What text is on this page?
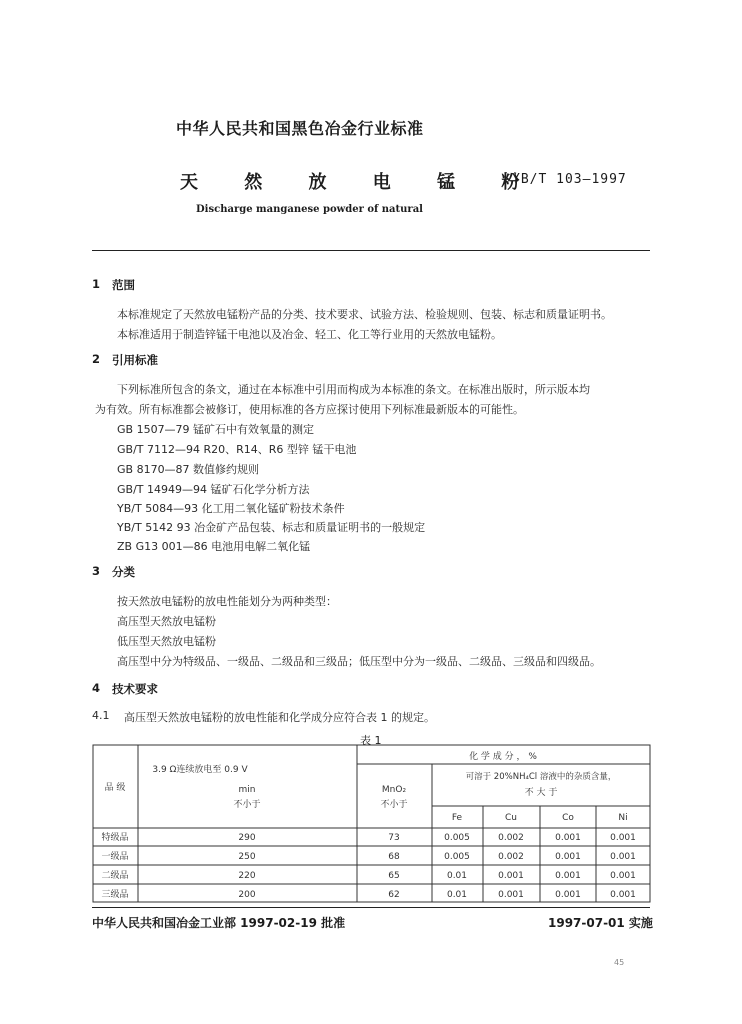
中华人民共和国黑色冶金行业标准
天 然 放 电 锰 粉
YB/T 103—1997
Discharge manganese powder of natural
1 范围
本标准规定了天然放电锰粉产品的分类、技术要求、试验方法、检验规则、包装、标志和质量证明书。
本标准适用于制造锌锰干电池以及冶金、轻工、化工等行业用的天然放电锰粉。
2 引用标准
下列标准所包含的条文，通过在本标准中引用而构成为本标准的条文。在标准出版时，所示版本均
为有效。所有标准都会被修订，使用标准的各方应探讨使用下列标准最新版本的可能性。
GB 1507—79 锰矿石中有效氧量的测定
GB/T 7112—94 R20、R14、R6 型锌 锰干电池
GB 8170—87 数值修约规则
GB/T 14949—94 锰矿石化学分析方法
YB/T 5084—93 化工用二氧化锰矿粉技术条件
YB/T 5142 93 冶金矿产品包装、标志和质量证明书的一般规定
ZB G13 001—86 电池用电解二氧化锰
3 分类
按天然放电锰粉的放电性能划分为两种类型：
高压型天然放电锰粉
低压型天然放电锰粉
高压型中分为特级品、一级品、二级品和三级品；低压型中分为一级品、二级品、三级品和四级品。
4 技术要求
4.1 高压型天然放电锰粉的放电性能和化学成分应符合表 1 的规定。
表 1
品 级
3.9 Ω连续放电至 0.9 V
min
不小于
化 学 成 分 ， %
MnO₂
不小于
可溶于 20%NH₄Cl 溶液中的杂质含量，
不 大 于
Fe	Cu	Co	Ni
特级品	290	73	0.005	0.002	0.001	0.001
一级品	250	68	0.005	0.002	0.001	0.001
二级品	220	65	0.01	0.001	0.001	0.001
三级品	200	62	0.01	0.001	0.001	0.001
中华人民共和国冶金工业部 1997-02-19 批准	1997-07-01 实施
45
